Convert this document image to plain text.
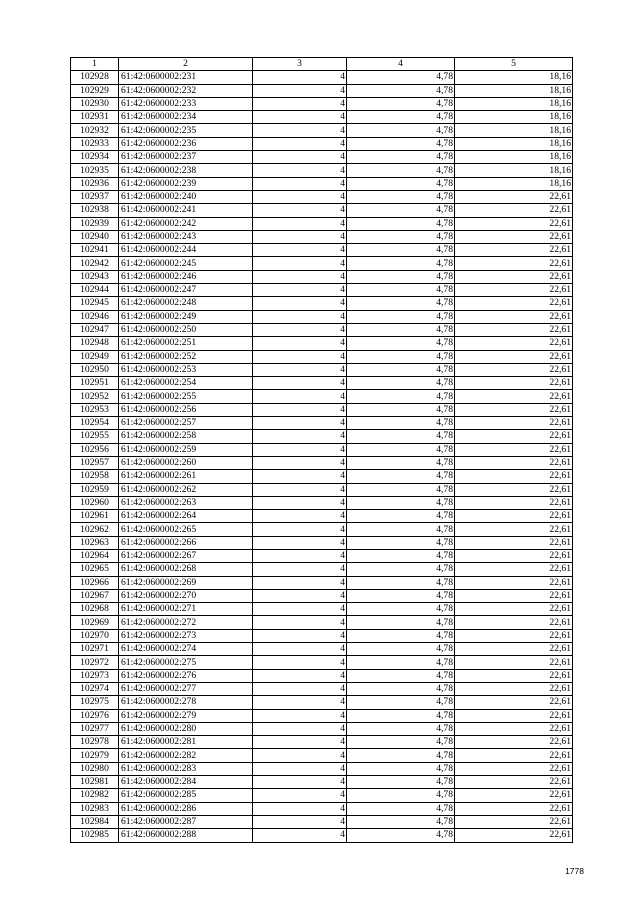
1	2	3	4	5
102928	61:42:0600002:231	4	4,78	18,16
102929	61:42:0600002:232	4	4,78	18,16
102930	61:42:0600002:233	4	4,78	18,16
102931	61:42:0600002:234	4	4,78	18,16
102932	61:42:0600002:235	4	4,78	18,16
102933	61:42:0600002:236	4	4,78	18,16
102934	61:42:0600002:237	4	4,78	18,16
102935	61:42:0600002:238	4	4,78	18,16
102936	61:42:0600002:239	4	4,78	18,16
102937	61:42:0600002:240	4	4,78	22,61
102938	61:42:0600002:241	4	4,78	22,61
102939	61:42:0600002:242	4	4,78	22,61
102940	61:42:0600002:243	4	4,78	22,61
102941	61:42:0600002:244	4	4,78	22,61
102942	61:42:0600002:245	4	4,78	22,61
102943	61:42:0600002:246	4	4,78	22,61
102944	61:42:0600002:247	4	4,78	22,61
102945	61:42:0600002:248	4	4,78	22,61
102946	61:42:0600002:249	4	4,78	22,61
102947	61:42:0600002:250	4	4,78	22,61
102948	61:42:0600002:251	4	4,78	22,61
102949	61:42:0600002:252	4	4,78	22,61
102950	61:42:0600002:253	4	4,78	22,61
102951	61:42:0600002:254	4	4,78	22,61
102952	61:42:0600002:255	4	4,78	22,61
102953	61:42:0600002:256	4	4,78	22,61
102954	61:42:0600002:257	4	4,78	22,61
102955	61:42:0600002:258	4	4,78	22,61
102956	61:42:0600002:259	4	4,78	22,61
102957	61:42:0600002:260	4	4,78	22,61
102958	61:42:0600002:261	4	4,78	22,61
102959	61:42:0600002:262	4	4,78	22,61
102960	61:42:0600002:263	4	4,78	22,61
102961	61:42:0600002:264	4	4,78	22,61
102962	61:42:0600002:265	4	4,78	22,61
102963	61:42:0600002:266	4	4,78	22,61
102964	61:42:0600002:267	4	4,78	22,61
102965	61:42:0600002:268	4	4,78	22,61
102966	61:42:0600002:269	4	4,78	22,61
102967	61:42:0600002:270	4	4,78	22,61
102968	61:42:0600002:271	4	4,78	22,61
102969	61:42:0600002:272	4	4,78	22,61
102970	61:42:0600002:273	4	4,78	22,61
102971	61:42:0600002:274	4	4,78	22,61
102972	61:42:0600002:275	4	4,78	22,61
102973	61:42:0600002:276	4	4,78	22,61
102974	61:42:0600002:277	4	4,78	22,61
102975	61:42:0600002:278	4	4,78	22,61
102976	61:42:0600002:279	4	4,78	22,61
102977	61:42:0600002:280	4	4,78	22,61
102978	61:42:0600002:281	4	4,78	22,61
102979	61:42:0600002:282	4	4,78	22,61
102980	61:42:0600002:283	4	4,78	22,61
102981	61:42:0600002:284	4	4,78	22,61
102982	61:42:0600002:285	4	4,78	22,61
102983	61:42:0600002:286	4	4,78	22,61
102984	61:42:0600002:287	4	4,78	22,61
102985	61:42:0600002:288	4	4,78	22,61
1778
